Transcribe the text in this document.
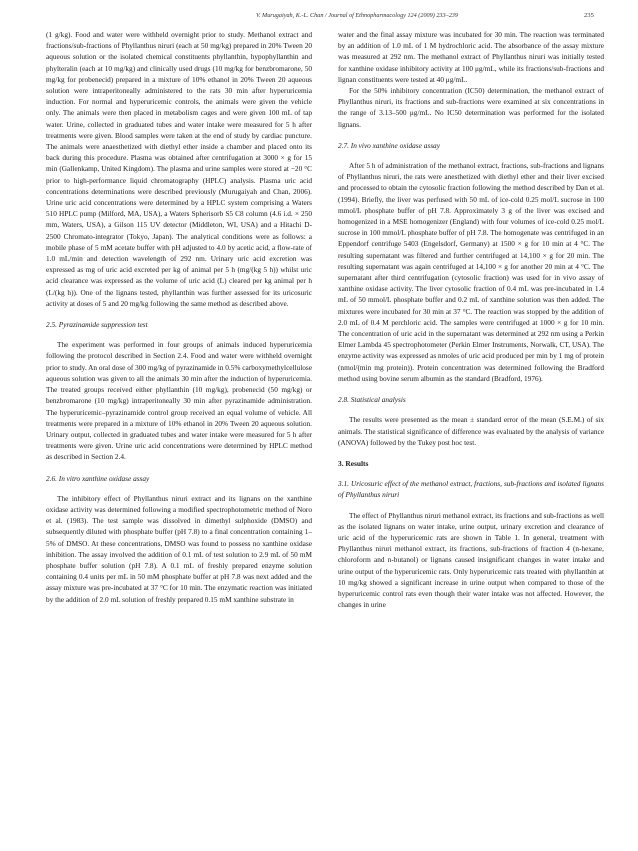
V. Murugaiyah, K.-L. Chan / Journal of Ethnopharmacology 124 (2009) 233–239	235

(1 g/kg). Food and water were withheld overnight prior to study. Methanol extract and fractions/sub-fractions of Phyllanthus niruri (each at 50 mg/kg) prepared in 20% Tween 20 aqueous solution or the isolated chemical constituents phyllanthin, hypophyllanthin and phylteralin (each at 10 mg/kg) and clinically used drugs (10 mg/kg for benzbromarone, 50 mg/kg for probenecid) prepared in a mixture of 10% ethanol in 20% Tween 20 aqueous solution were intraperitoneally administered to the rats 30 min after hyperuricemia induction. For normal and hyperuricemic controls, the animals were given the vehicle only. The animals were then placed in metabolism cages and were given 100 mL of tap water. Urine, collected in graduated tubes and water intake were measured for 5 h after treatments were given. Blood samples were taken at the end of study by cardiac puncture. The animals were anaesthetized with diethyl ether inside a chamber and placed onto its back during this procedure. Plasma was obtained after centrifugation at 3000 × g for 15 min (Gallenkamp, United Kingdom). The plasma and urine samples were stored at −20 °C prior to high-performance liquid chromatography (HPLC) analysis. Plasma uric acid concentrations determinations were described previously (Murugaiyah and Chan, 2006). Urine uric acid concentrations were determined by a HPLC system comprising a Waters 510 HPLC pump (Milford, MA, USA), a Waters Spherisorb S5 C8 column (4.6 i.d. × 250 mm, Waters, USA), a Gilson 115 UV detector (Middleton, WI, USA) and a Hitachi D-2500 Chromato-integrator (Tokyo, Japan). The analytical conditions were as follows: a mobile phase of 5 mM acetate buffer with pH adjusted to 4.0 by acetic acid, a flow-rate of 1.0 mL/min and detection wavelength of 292 nm. Urinary uric acid excretion was expressed as mg of uric acid excreted per kg of animal per 5 h (mg/(kg 5 h)) whilst uric acid clearance was expressed as the volume of uric acid (L) cleared per kg animal per h (L/(kg h)). One of the lignans tested, phyllanthin was further assessed for its uricosuric activity at doses of 5 and 20 mg/kg following the same method as described above.

2.5. Pyrazinamide suppression test

The experiment was performed in four groups of animals induced hyperuricemia following the protocol described in Section 2.4. Food and water were withheld overnight prior to study. An oral dose of 300 mg/kg of pyrazinamide in 0.5% carboxymethylcellulose aqueous solution was given to all the animals 30 min after the induction of hyperuricemia. The treated groups received either phyllanthin (10 mg/kg), probenecid (50 mg/kg) or benzbromarone (10 mg/kg) intraperitoneally 30 min after pyrazinamide administration. The hyperuricemic–pyrazinamide control group received an equal volume of vehicle. All treatments were prepared in a mixture of 10% ethanol in 20% Tween 20 aqueous solution. Urinary output, collected in graduated tubes and water intake were measured for 5 h after treatments were given. Urine uric acid concentrations were determined by HPLC method as described in Section 2.4.

2.6. In vitro xanthine oxidase assay

The inhibitory effect of Phyllanthus niruri extract and its lignans on the xanthine oxidase activity was determined following a modified spectrophotometric method of Noro et al. (1983). The test sample was dissolved in dimethyl sulphoxide (DMSO) and subsequently diluted with phosphate buffer (pH 7.8) to a final concentration containing 1–5% of DMSO. At these concentrations, DMSO was found to possess no xanthine oxidase inhibition. The assay involved the addition of 0.1 mL of test solution to 2.9 mL of 50 mM phosphate buffer solution (pH 7.8). A 0.1 mL of freshly prepared enzyme solution containing 0.4 units per mL in 50 mM phosphate buffer at pH 7.8 was next added and the assay mixture was pre-incubated at 37 °C for 10 min. The enzymatic reaction was initiated by the addition of 2.0 mL solution of freshly prepared 0.15 mM xanthine substrate in

water and the final assay mixture was incubated for 30 min. The reaction was terminated by an addition of 1.0 mL of 1 M hydrochloric acid. The absorbance of the assay mixture was measured at 292 nm. The methanol extract of Phyllanthus niruri was initially tested for xanthine oxidase inhibitory activity at 100 μg/mL, while its fractions/sub-fractions and lignan constituents were tested at 40 μg/mL.

For the 50% inhibitory concentration (IC50) determination, the methanol extract of Phyllanthus niruri, its fractions and sub-fractions were examined at six concentrations in the range of 3.13–500 μg/mL. No IC50 determination was performed for the isolated lignans.

2.7. In vivo xanthine oxidase assay

After 5 h of administration of the methanol extract, fractions, sub-fractions and lignans of Phyllanthus niruri, the rats were anesthetized with diethyl ether and their liver excised and processed to obtain the cytosolic fraction following the method described by Dan et al. (1994). Briefly, the liver was perfused with 50 mL of ice-cold 0.25 mol/L sucrose in 100 mmol/L phosphate buffer of pH 7.8. Approximately 3 g of the liver was excised and homogenized in a MSE homogenizer (England) with four volumes of ice-cold 0.25 mol/L sucrose in 100 mmol/L phosphate buffer of pH 7.8. The homogenate was centrifuged in an Eppendorf centrifuge 5403 (Engelsdorf, Germany) at 1500 × g for 10 min at 4 °C. The resulting supernatant was filtered and further centrifuged at 14,100 × g for 20 min. The resulting supernatant was again centrifuged at 14,100 × g for another 20 min at 4 °C. The supernatant after third centrifugation (cytosolic fraction) was used for in vivo assay of xanthine oxidase activity. The liver cytosolic fraction of 0.4 mL was pre-incubated in 1.4 mL of 50 mmol/L phosphate buffer and 0.2 mL of xanthine solution was then added. The mixtures were incubated for 30 min at 37 °C. The reaction was stopped by the addition of 2.0 mL of 0.4 M perchloric acid. The samples were centrifuged at 1000 × g for 10 min. The concentration of uric acid in the supernatant was determined at 292 nm using a Perkin Elmer Lambda 45 spectrophotometer (Perkin Elmer Instruments, Norwalk, CT, USA). The enzyme activity was expressed as nmoles of uric acid produced per min by 1 mg of protein (nmol/(min mg protein)). Protein concentration was determined following the Bradford method using bovine serum albumin as the standard (Bradford, 1976).

2.8. Statistical analysis

The results were presented as the mean ± standard error of the mean (S.E.M.) of six animals. The statistical significance of difference was evaluated by the analysis of variance (ANOVA) followed by the Tukey post hoc test.

3. Results
3.1. Uricosuric effect of the methanol extract, fractions, sub-fractions and isolated lignans of Phyllanthus niruri

The effect of Phyllanthus niruri methanol extract, its fractions and sub-fractions as well as the isolated lignans on water intake, urine output, urinary excretion and clearance of uric acid of the hyperuricemic rats are shown in Table 1. In general, treatment with Phyllanthus niruri methanol extract, its fractions, sub-fractions of fraction 4 (n-hexane, chloroform and n-butanol) or lignans caused insignificant changes in water intake and urine output of the hyperuricemic rats. Only hyperuricemic rats treated with phyllanthin at 10 mg/kg showed a significant increase in urine output when compared to those of the hyperuricemic control rats even though their water intake was not affected. However, the changes in urine
